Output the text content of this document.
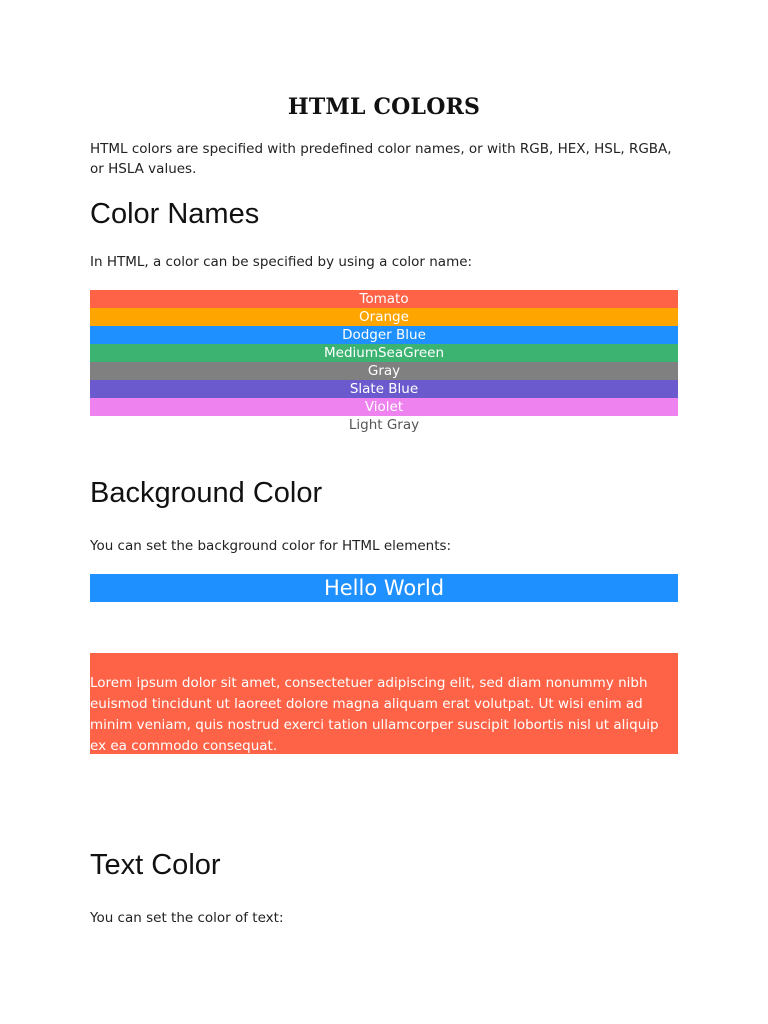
HTML COLORS
HTML colors are specified with predefined color names, or with RGB, HEX, HSL, RGBA, or HSLA values.
Color Names
In HTML, a color can be specified by using a color name:
Tomato
Orange
Dodger Blue
MediumSeaGreen
Gray
Slate Blue
Violet
Light Gray
Background Color
You can set the background color for HTML elements:
Hello World
Lorem ipsum dolor sit amet, consectetuer adipiscing elit, sed diam nonummy nibh euismod tincidunt ut laoreet dolore magna aliquam erat volutpat. Ut wisi enim ad minim veniam, quis nostrud exerci tation ullamcorper suscipit lobortis nisl ut aliquip ex ea commodo consequat.
Text Color
You can set the color of text:
